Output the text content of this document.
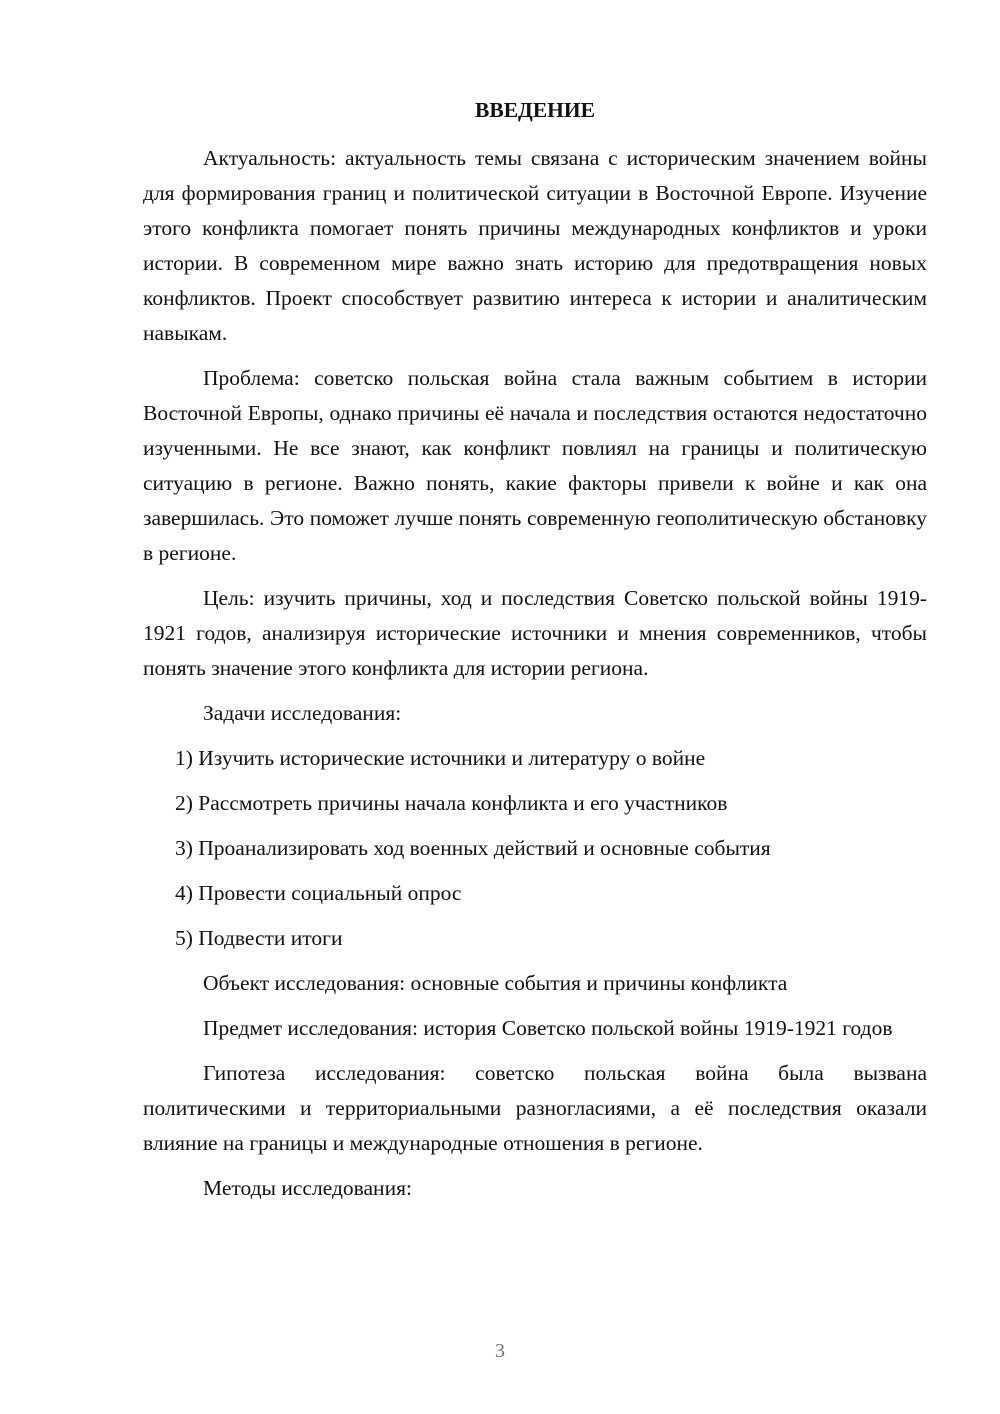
ВВЕДЕНИЕ

Актуальность: актуальность темы связана с историческим значением войны для формирования границ и политической ситуации в Восточной Европе. Изучение этого конфликта помогает понять причины международных конфликтов и уроки истории. В современном мире важно знать историю для предотвращения новых конфликтов. Проект способствует развитию интереса к истории и аналитическим навыкам.

Проблема: советско польская война стала важным событием в истории Восточной Европы, однако причины её начала и последствия остаются недостаточно изученными. Не все знают, как конфликт повлиял на границы и политическую ситуацию в регионе. Важно понять, какие факторы привели к войне и как она завершилась. Это поможет лучше понять современную геополитическую обстановку в регионе.

Цель: изучить причины, ход и последствия Советско польской войны 1919-1921 годов, анализируя исторические источники и мнения современников, чтобы понять значение этого конфликта для истории региона.

Задачи исследования:

1) Изучить исторические источники и литературу о войне
2) Рассмотреть причины начала конфликта и его участников
3) Проанализировать ход военных действий и основные события
4) Провести социальный опрос
5) Подвести итоги

Объект исследования: основные события и причины конфликта

Предмет исследования: история Советско польской войны 1919-1921 годов

Гипотеза исследования: советско польская война была вызвана политическими и территориальными разногласиями, а её последствия оказали влияние на границы и международные отношения в регионе.

Методы исследования:

3
